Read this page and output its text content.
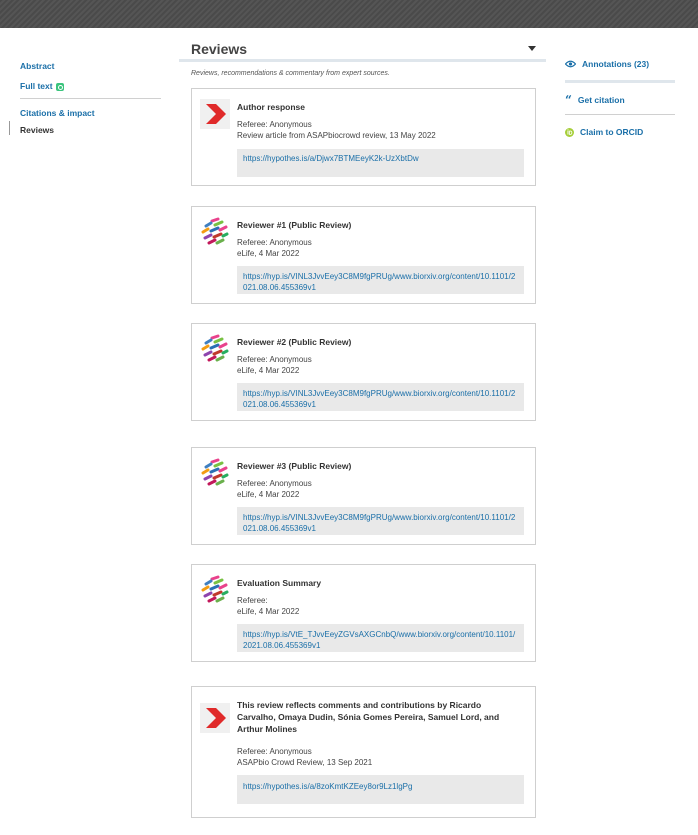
Abstract
Full text
Citations & impact
Reviews
Reviews
Reviews, recommendations & commentary from expert sources.
Author response
Referee: Anonymous
Review article from ASAPbiocrowd review, 13 May 2022
https://hypothes.is/a/Djwx7BTMEeyK2k-UzXbtDw
Reviewer #1 (Public Review)
Referee: Anonymous
eLife, 4 Mar 2022
https://hyp.is/VINL3JvvEey3C8M9fgPRUg/www.biorxiv.org/content/10.1101/2021.08.06.455369v1
Reviewer #2 (Public Review)
Referee: Anonymous
eLife, 4 Mar 2022
https://hyp.is/VINL3JvvEey3C8M9fgPRUg/www.biorxiv.org/content/10.1101/2021.08.06.455369v1
Reviewer #3 (Public Review)
Referee: Anonymous
eLife, 4 Mar 2022
https://hyp.is/VINL3JvvEey3C8M9fgPRUg/www.biorxiv.org/content/10.1101/2021.08.06.455369v1
Evaluation Summary
Referee:
eLife, 4 Mar 2022
https://hyp.is/VtE_TJvvEeyZGVsAXGCnbQ/www.biorxiv.org/content/10.1101/2021.08.06.455369v1
This review reflects comments and contributions by Ricardo Carvalho, Omaya Dudin, Sónia Gomes Pereira, Samuel Lord, and Arthur Molines
Referee: Anonymous
ASAPbio Crowd Review, 13 Sep 2021
https://hypothes.is/a/8zoKmtKZEey8or9Lz1lgPg
Annotations (23)
“ Get citation
Claim to ORCID
